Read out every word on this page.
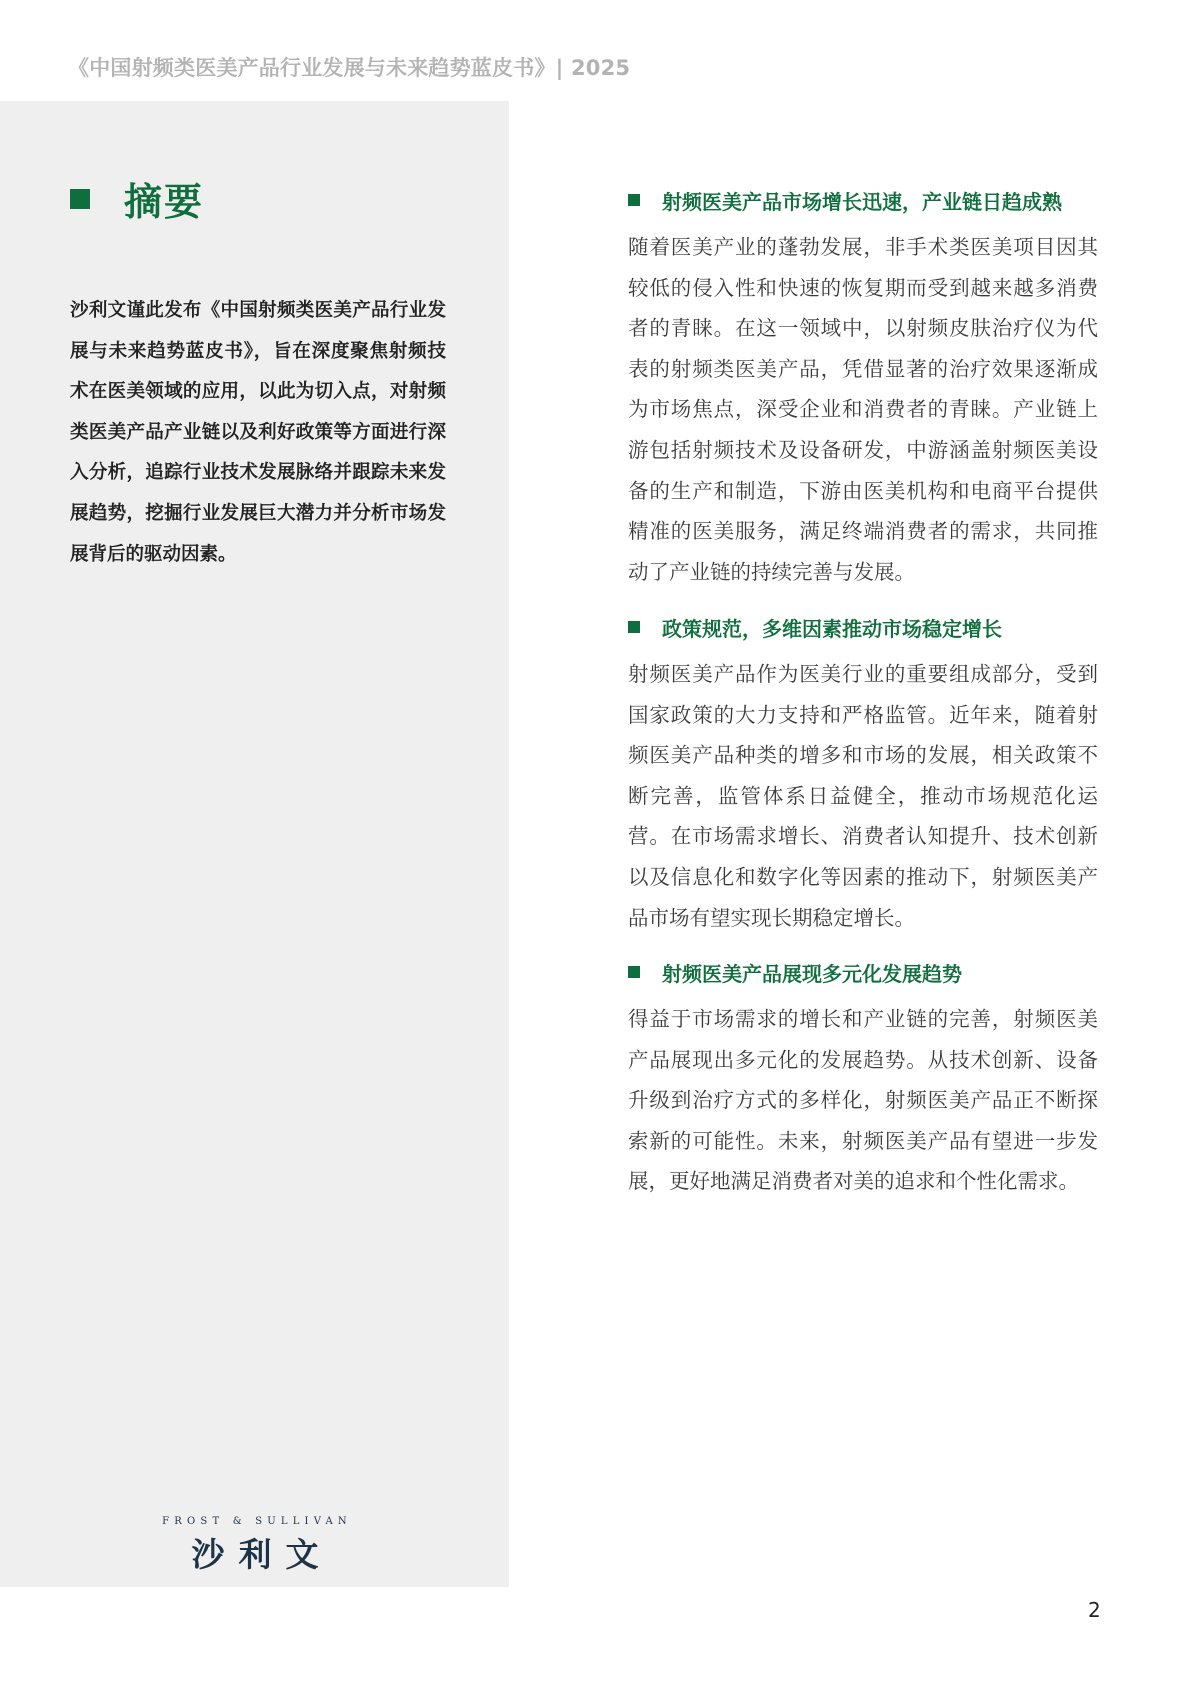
《中国射频类医美产品行业发展与未来趋势蓝皮书》| 2025
摘要
沙利文谨此发布《中国射频类医美产品行业发展与未来趋势蓝皮书》，旨在深度聚焦射频技术在医美领域的应用，以此为切入点，对射频类医美产品产业链以及利好政策等方面进行深入分析，追踪行业技术发展脉络并跟踪未来发展趋势，挖掘行业发展巨大潜力并分析市场发展背后的驱动因素。
FROST & SULLIVAN
沙利文
射频医美产品市场增长迅速，产业链日趋成熟
随着医美产业的蓬勃发展，非手术类医美项目因其较低的侵入性和快速的恢复期而受到越来越多消费者的青睐。在这一领域中，以射频皮肤治疗仪为代表的射频类医美产品，凭借显著的治疗效果逐渐成为市场焦点，深受企业和消费者的青睐。产业链上游包括射频技术及设备研发，中游涵盖射频医美设备的生产和制造，下游由医美机构和电商平台提供精准的医美服务，满足终端消费者的需求，共同推动了产业链的持续完善与发展。
政策规范，多维因素推动市场稳定增长
射频医美产品作为医美行业的重要组成部分，受到国家政策的大力支持和严格监管。近年来，随着射频医美产品种类的增多和市场的发展，相关政策不断完善，监管体系日益健全，推动市场规范化运营。在市场需求增长、消费者认知提升、技术创新以及信息化和数字化等因素的推动下，射频医美产品市场有望实现长期稳定增长。
射频医美产品展现多元化发展趋势
得益于市场需求的增长和产业链的完善，射频医美产品展现出多元化的发展趋势。从技术创新、设备升级到治疗方式的多样化，射频医美产品正不断探索新的可能性。未来，射频医美产品有望进一步发展，更好地满足消费者对美的追求和个性化需求。
2
